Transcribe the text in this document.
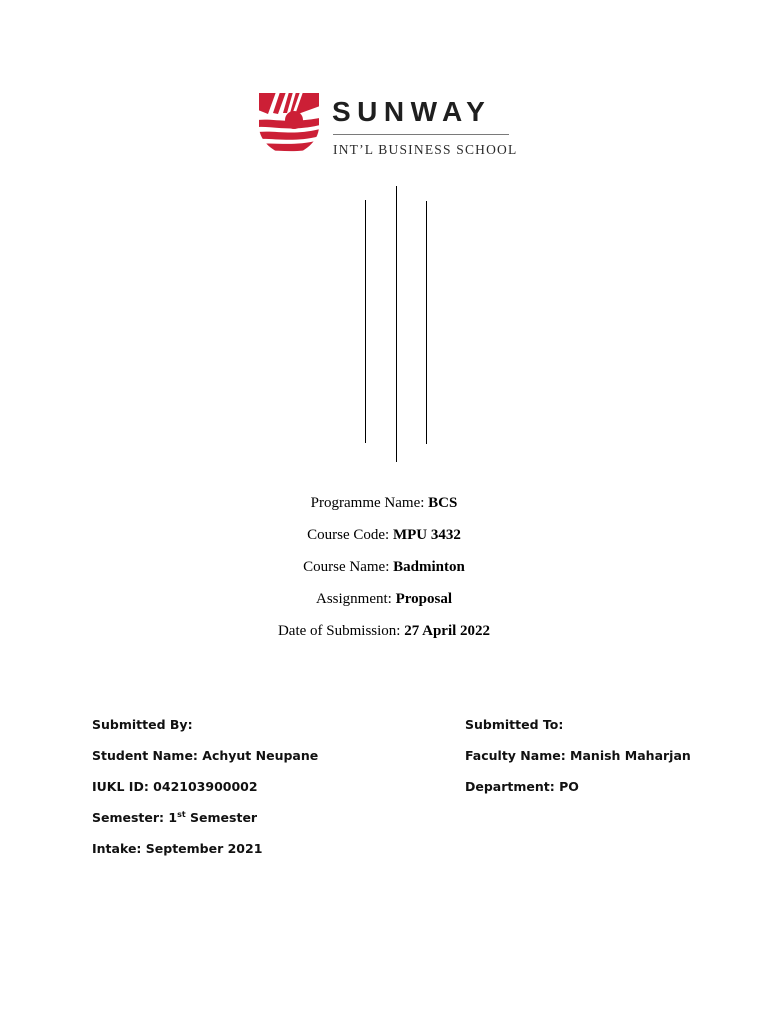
SUNWAY
INT’L BUSINESS SCHOOL
Programme Name: BCS
Course Code: MPU 3432
Course Name: Badminton
Assignment: Proposal
Date of Submission: 27 April 2022
Submitted By:
Student Name: Achyut Neupane
IUKL ID: 042103900002
Semester: 1st Semester
Intake: September 2021
Submitted To:
Faculty Name: Manish Maharjan
Department: PO
